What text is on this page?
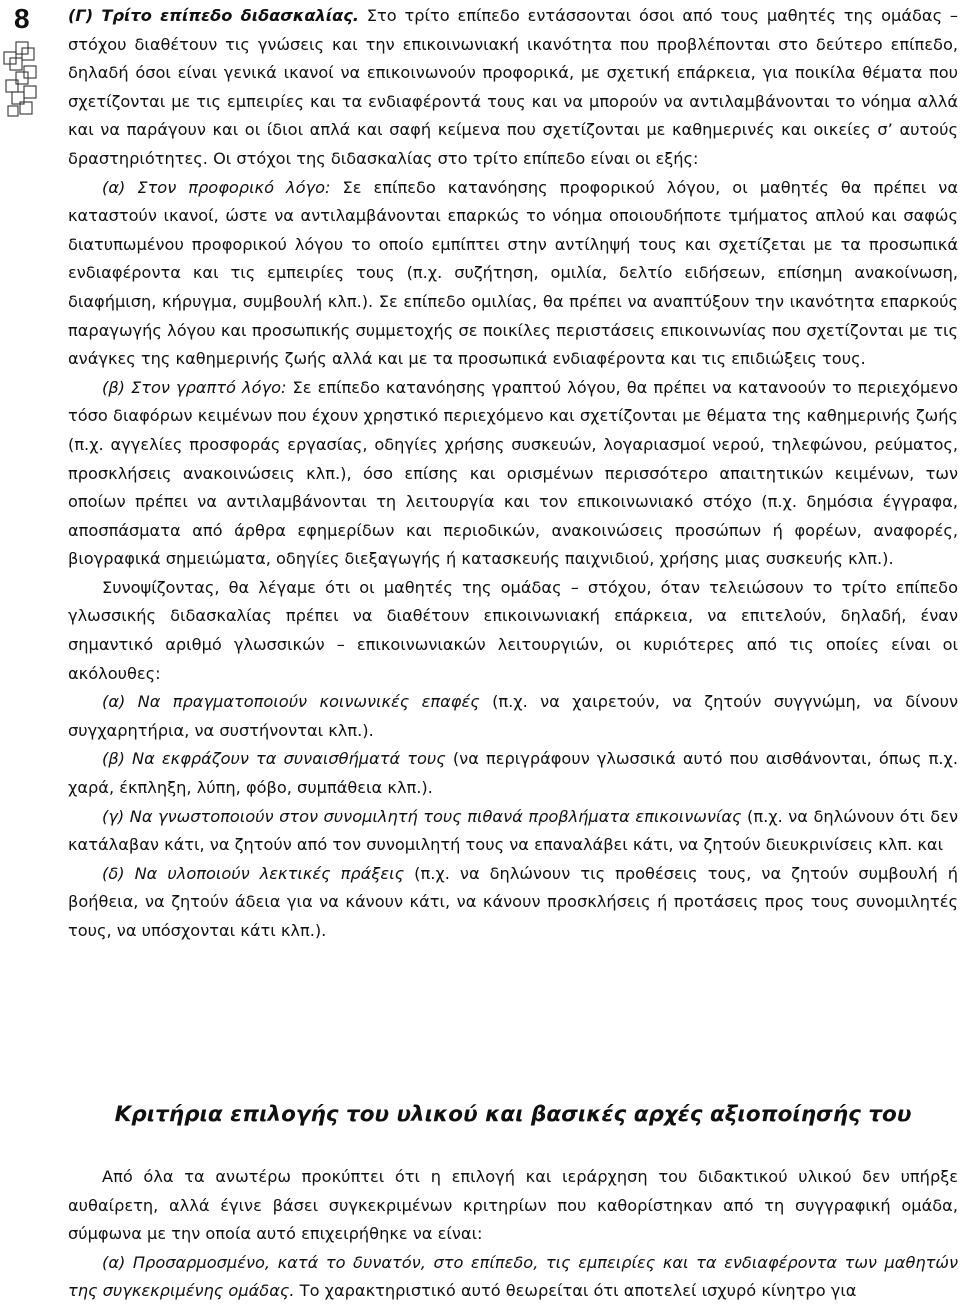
8 (Γ) Τρίτο επίπεδο διδασκαλίας. Στο τρίτο επίπεδο εντάσσονται όσοι από τους μαθητές της ομάδας – στόχου διαθέτουν τις γνώσεις και την επικοινωνιακή ικανότητα που προβλέπονται στο δεύτερο επίπεδο, δηλαδή όσοι είναι γενικά ικανοί να επικοινωνούν προφορικά, με σχετική επάρκεια, για ποικίλα θέματα που σχετίζονται με τις εμπειρίες και τα ενδιαφέροντά τους και να μπορούν να αντιλαμβάνονται το νόημα αλλά και να παράγουν και οι ίδιοι απλά και σαφή κείμενα που σχετίζονται με καθημερινές και οικείες σ’ αυτούς δραστηριότητες. Οι στόχοι της διδασκαλίας στο τρίτο επίπεδο είναι οι εξής:

(α) Στον προφορικό λόγο: Σε επίπεδο κατανόησης προφορικού λόγου, οι μαθητές θα πρέπει να καταστούν ικανοί, ώστε να αντιλαμβάνονται επαρκώς το νόημα οποιουδήποτε τμήματος απλού και σαφώς διατυπωμένου προφορικού λόγου το οποίο εμπίπτει στην αντίληψή τους και σχετίζεται με τα προσωπικά ενδιαφέροντα και τις εμπειρίες τους (π.χ. συζήτηση, ομιλία, δελτίο ειδήσεων, επίσημη ανακοίνωση, διαφήμιση, κήρυγμα, συμβουλή κλπ.). Σε επίπεδο ομιλίας, θα πρέπει να αναπτύξουν την ικανότητα επαρκούς παραγωγής λόγου και προσωπικής συμμετοχής σε ποικίλες περιστάσεις επικοινωνίας που σχετίζονται με τις ανάγκες της καθημερινής ζωής αλλά και με τα προσωπικά ενδιαφέροντα και τις επιδιώξεις τους.

(β) Στον γραπτό λόγο: Σε επίπεδο κατανόησης γραπτού λόγου, θα πρέπει να κατανοούν το περιεχόμενο τόσο διαφόρων κειμένων που έχουν χρηστικό περιεχόμενο και σχετίζονται με θέματα της καθημερινής ζωής (π.χ. αγγελίες προσφοράς εργασίας, οδηγίες χρήσης συσκευών, λογαριασμοί νερού, τηλεφώνου, ρεύματος, προσκλήσεις ανακοινώσεις κλπ.), όσο επίσης και ορισμένων περισσότερο απαιτητικών κειμένων, των οποίων πρέπει να αντιλαμβάνονται τη λειτουργία και τον επικοινωνιακό στόχο (π.χ. δημόσια έγγραφα, αποσπάσματα από άρθρα εφημερίδων και περιοδικών, ανακοινώσεις προσώπων ή φορέων, αναφορές, βιογραφικά σημειώματα, οδηγίες διεξαγωγής ή κατασκευής παιχνιδιού, χρήσης μιας συσκευής κλπ.).

Συνοψίζοντας, θα λέγαμε ότι οι μαθητές της ομάδας – στόχου, όταν τελειώσουν το τρίτο επίπεδο γλωσσικής διδασκαλίας πρέπει να διαθέτουν επικοινωνιακή επάρκεια, να επιτελούν, δηλαδή, έναν σημαντικό αριθμό γλωσσικών – επικοινωνιακών λειτουργιών, οι κυριότερες από τις οποίες είναι οι ακόλουθες:

(α) Να πραγματοποιούν κοινωνικές επαφές (π.χ. να χαιρετούν, να ζητούν συγγνώμη, να δίνουν συγχαρητήρια, να συστήνονται κλπ.).

(β) Να εκφράζουν τα συναισθήματά τους (να περιγράφουν γλωσσικά αυτό που αισθάνονται, όπως π.χ. χαρά, έκπληξη, λύπη, φόβο, συμπάθεια κλπ.).

(γ) Να γνωστοποιούν στον συνομιλητή τους πιθανά προβλήματα επικοινωνίας (π.χ. να δηλώνουν ότι δεν κατάλαβαν κάτι, να ζητούν από τον συνομιλητή τους να επαναλάβει κάτι, να ζητούν διευκρινίσεις κλπ. και

(δ) Να υλοποιούν λεκτικές πράξεις (π.χ. να δηλώνουν τις προθέσεις τους, να ζητούν συμβουλή ή βοήθεια, να ζητούν άδεια για να κάνουν κάτι, να κάνουν προσκλήσεις ή προτάσεις προς τους συνομιλητές τους, να υπόσχονται κάτι κλπ.).

Κριτήρια επιλογής του υλικού και βασικές αρχές αξιοποίησής του

Από όλα τα ανωτέρω προκύπτει ότι η επιλογή και ιεράρχηση του διδακτικού υλικού δεν υπήρξε αυθαίρετη, αλλά έγινε βάσει συγκεκριμένων κριτηρίων που καθορίστηκαν από τη συγγραφική ομάδα, σύμφωνα με την οποία αυτό επιχειρήθηκε να είναι:

(α) Προσαρμοσμένο, κατά το δυνατόν, στο επίπεδο, τις εμπειρίες και τα ενδιαφέροντα των μαθητών της συγκεκριμένης ομάδας. Το χαρακτηριστικό αυτό θεωρείται ότι αποτελεί ισχυρό κίνητρο για
